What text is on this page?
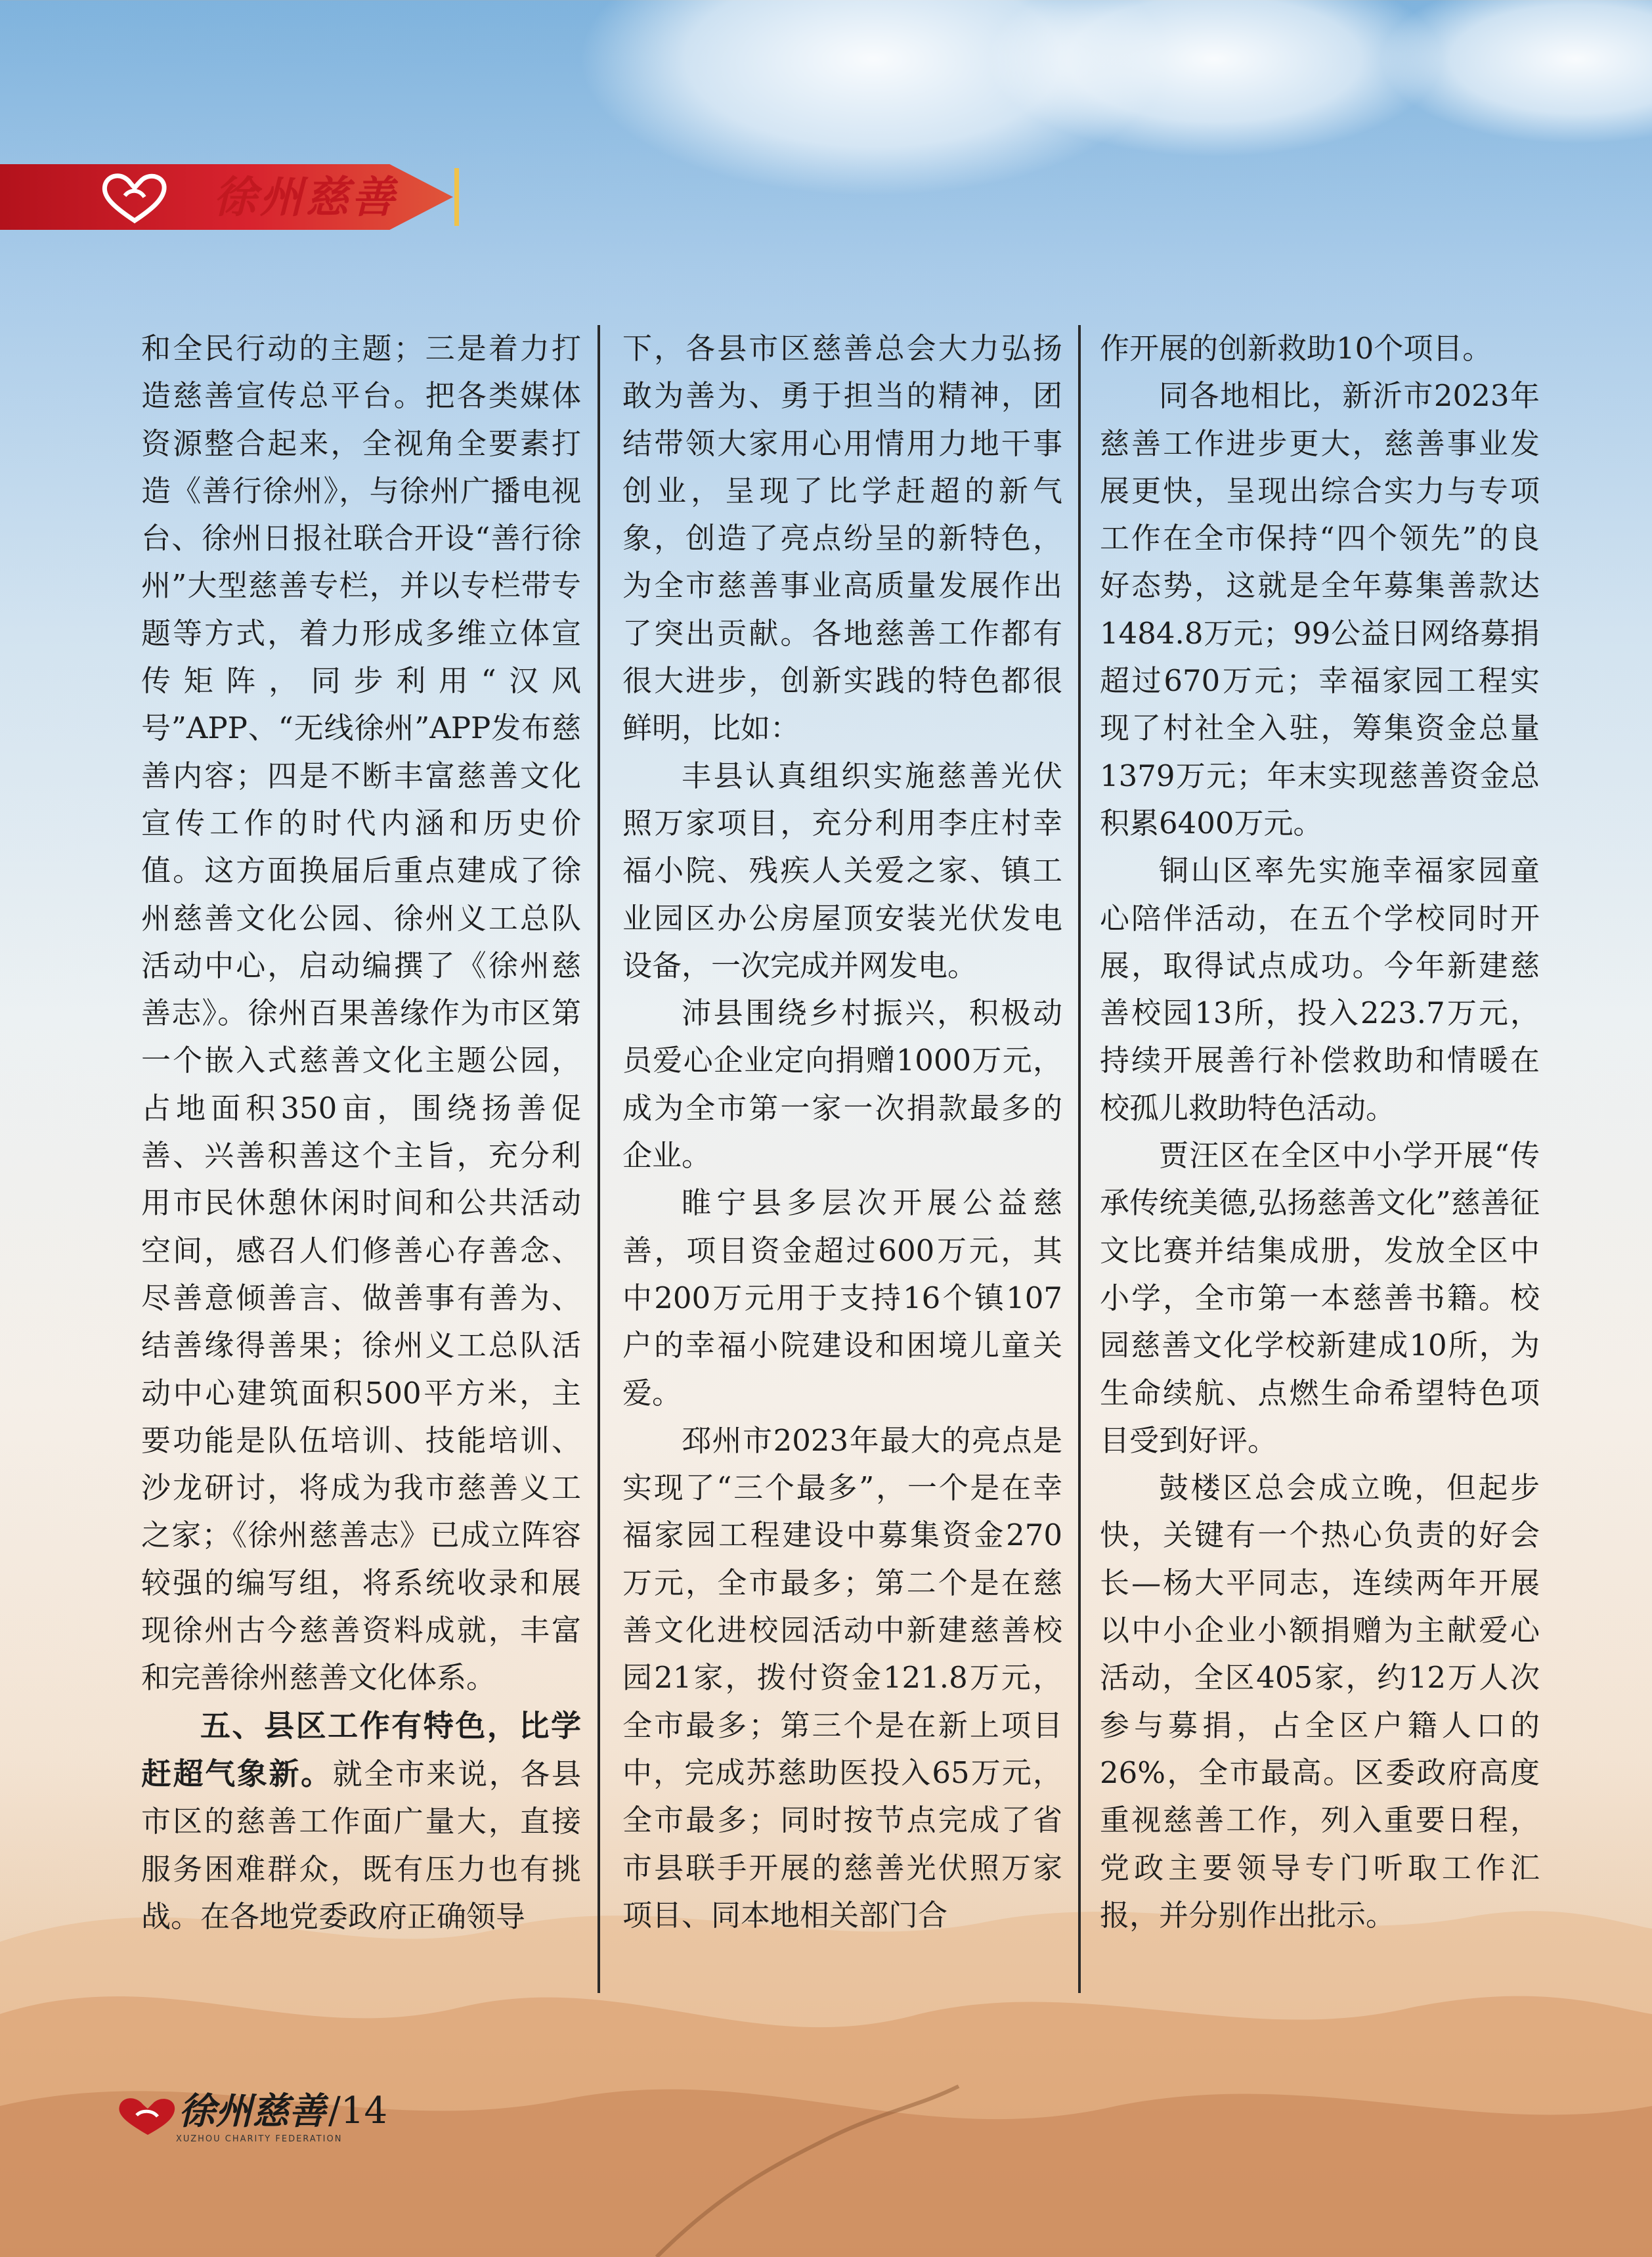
徐州慈善

和全民行动的主题；三是着力打造慈善宣传总平台。把各类媒体资源整合起来，全视角全要素打造《善行徐州》，与徐州广播电视台、徐州日报社联合开设“善行徐州”大型慈善专栏，并以专栏带专题等方式，着力形成多维立体宣传矩阵，同步利用“汉风号”APP、“无线徐州”APP发布慈善内容；四是不断丰富慈善文化宣传工作的时代内涵和历史价值。这方面换届后重点建成了徐州慈善文化公园、徐州义工总队活动中心，启动编撰了《徐州慈善志》。徐州百果善缘作为市区第一个嵌入式慈善文化主题公园，占地面积350亩，围绕扬善促善、兴善积善这个主旨，充分利用市民休憩休闲时间和公共活动空间，感召人们修善心存善念、尽善意倾善言、做善事有善为、结善缘得善果；徐州义工总队活动中心建筑面积500平方米，主要功能是队伍培训、技能培训、沙龙研讨，将成为我市慈善义工之家；《徐州慈善志》已成立阵容较强的编写组，将系统收录和展现徐州古今慈善资料成就，丰富和完善徐州慈善文化体系。

五、县区工作有特色，比学赶超气象新。就全市来说，各县市区的慈善工作面广量大，直接服务困难群众，既有压力也有挑战。在各地党委政府正确领导

下，各县市区慈善总会大力弘扬敢为善为、勇于担当的精神，团结带领大家用心用情用力地干事创业，呈现了比学赶超的新气象，创造了亮点纷呈的新特色，为全市慈善事业高质量发展作出了突出贡献。各地慈善工作都有很大进步，创新实践的特色都很鲜明，比如：

丰县认真组织实施慈善光伏照万家项目，充分利用李庄村幸福小院、残疾人关爱之家、镇工业园区办公房屋顶安装光伏发电设备，一次完成并网发电。

沛县围绕乡村振兴，积极动员爱心企业定向捐赠1000万元，成为全市第一家一次捐款最多的企业。

睢宁县多层次开展公益慈善，项目资金超过600万元，其中200万元用于支持16个镇107户的幸福小院建设和困境儿童关爱。

邳州市2023年最大的亮点是实现了“三个最多”，一个是在幸福家园工程建设中募集资金270万元，全市最多；第二个是在慈善文化进校园活动中新建慈善校园21家，拨付资金121.8万元，全市最多；第三个是在新上项目中，完成苏慈助医投入65万元，全市最多；同时按节点完成了省市县联手开展的慈善光伏照万家项目、同本地相关部门合

作开展的创新救助10个项目。

同各地相比，新沂市2023年慈善工作进步更大，慈善事业发展更快，呈现出综合实力与专项工作在全市保持“四个领先”的良好态势，这就是全年募集善款达1484.8万元；99公益日网络募捐超过670万元；幸福家园工程实现了村社全入驻，筹集资金总量1379万元；年末实现慈善资金总积累6400万元。

铜山区率先实施幸福家园童心陪伴活动，在五个学校同时开展，取得试点成功。今年新建慈善校园13所，投入223.7万元，持续开展善行补偿救助和情暖在校孤儿救助特色活动。

贾汪区在全区中小学开展“传承传统美德,弘扬慈善文化”慈善征文比赛并结集成册，发放全区中小学，全市第一本慈善书籍。校园慈善文化学校新建成10所，为生命续航、点燃生命希望特色项目受到好评。

鼓楼区总会成立晚，但起步快，关键有一个热心负责的好会长—杨大平同志，连续两年开展以中小企业小额捐赠为主献爱心活动，全区405家，约12万人次参与募捐，占全区户籍人口的26%，全市最高。区委政府高度重视慈善工作，列入重要日程，党政主要领导专门听取工作汇报，并分别作出批示。

徐州慈善
XUZHOU CHARITY FEDERATION
/14
